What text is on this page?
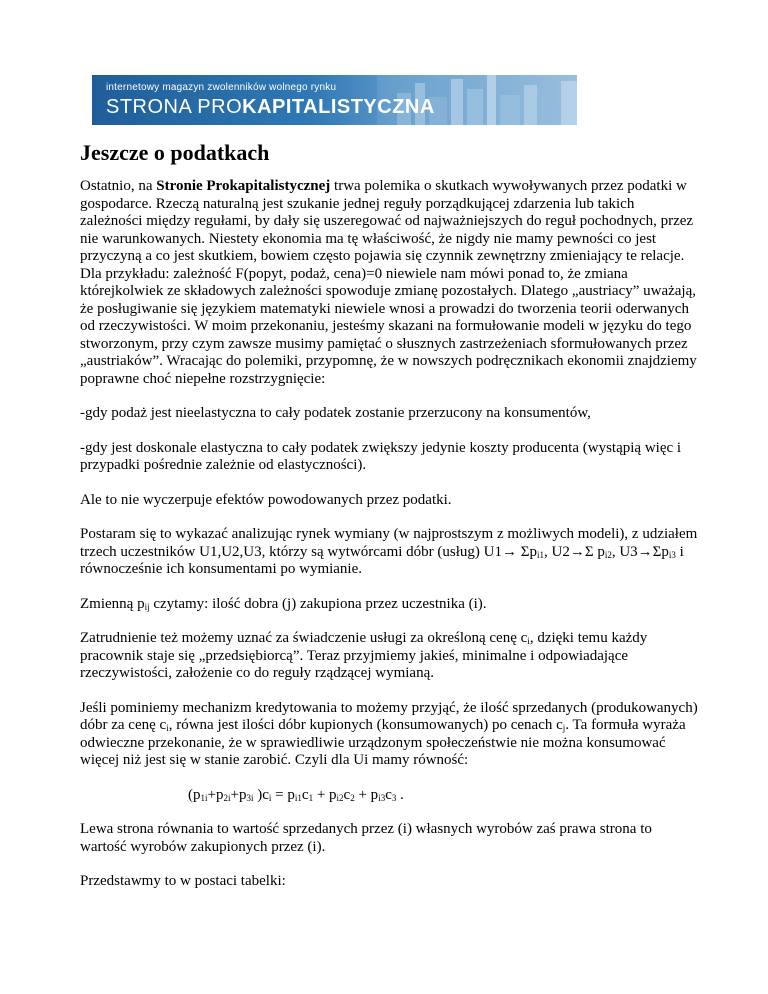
internetowy magazyn zwolenników wolnego rynku
STRONA PROKAPITALISTYCZNA
Jeszcze o podatkach

Ostatnio, na Stronie Prokapitalistycznej trwa polemika o skutkach wywoływanych przez podatki w gospodarce. Rzeczą naturalną jest szukanie jednej reguły porządkującej zdarzenia lub takich zależności między regułami, by dały się uszeregować od najważniejszych do reguł pochodnych, przez nie warunkowanych. Niestety ekonomia ma tę właściwość, że nigdy nie mamy pewności co jest przyczyną a co jest skutkiem, bowiem często pojawia się czynnik zewnętrzny zmieniający te relacje. Dla przykładu: zależność F(popyt, podaż, cena)=0 niewiele nam mówi ponad to, że zmiana którejkolwiek ze składowych zależności spowoduje zmianę pozostałych. Dlatego „austriacy” uważają, że posługiwanie się językiem matematyki niewiele wnosi a prowadzi do tworzenia teorii oderwanych od rzeczywistości. W moim przekonaniu, jesteśmy skazani na formułowanie modeli w języku do tego stworzonym, przy czym zawsze musimy pamiętać o słusznych zastrzeżeniach sformułowanych przez „austriaków”. Wracając do polemiki, przypomnę, że w nowszych podręcznikach ekonomii znajdziemy poprawne choć niepełne rozstrzygnięcie:

-gdy podaż jest nieelastyczna to cały podatek zostanie przerzucony na konsumentów,

-gdy jest doskonale elastyczna to cały podatek zwiększy jedynie koszty producenta (wystąpią więc i przypadki pośrednie zależnie od elastyczności).

Ale to nie wyczerpuje efektów powodowanych przez podatki.

Postaram się to wykazać analizując rynek wymiany (w najprostszym z możliwych modeli), z udziałem trzech uczestników U1,U2,U3, którzy są wytwórcami dóbr (usług) $U1\to \Sigma p_{i1}$, U2→Σ $p_{i2}$, $U3\to\Sigma p_{i3}$ i równocześnie ich konsumentami po wymianie.

Zmienną $p_{ij}$ czytamy: ilość dobra (j) zakupiona przez uczestnika (i).

Zatrudnienie też możemy uznać za świadczenie usługi za określoną cenę $c_i$, dzięki temu każdy pracownik staje się „przedsiębiorcą”. Teraz przyjmiemy jakieś, minimalne i odpowiadające rzeczywistości, założenie co do reguły rządzącej wymianą.

Jeśli pominiemy mechanizm kredytowania to możemy przyjąć, że ilość sprzedanych (produkowanych) dóbr za cenę $c_i$, równa jest ilości dóbr kupionych (konsumowanych) po cenach $c_j$. Ta formuła wyraża odwieczne przekonanie, że w sprawiedliwie urządzonym społeczeństwie nie można konsumować więcej niż jest się w stanie zarobić. Czyli dla Ui mamy równość:

($p_{1i}+p_{2i}+p_{3i}$ )$c_i = p_{i1}c_1 + p_{i2}c_2 + p_{i3}c_3$ .

Lewa strona równania to wartość sprzedanych przez (i) własnych wyrobów zaś prawa strona to wartość wyrobów zakupionych przez (i).

Przedstawmy to w postaci tabelki:
